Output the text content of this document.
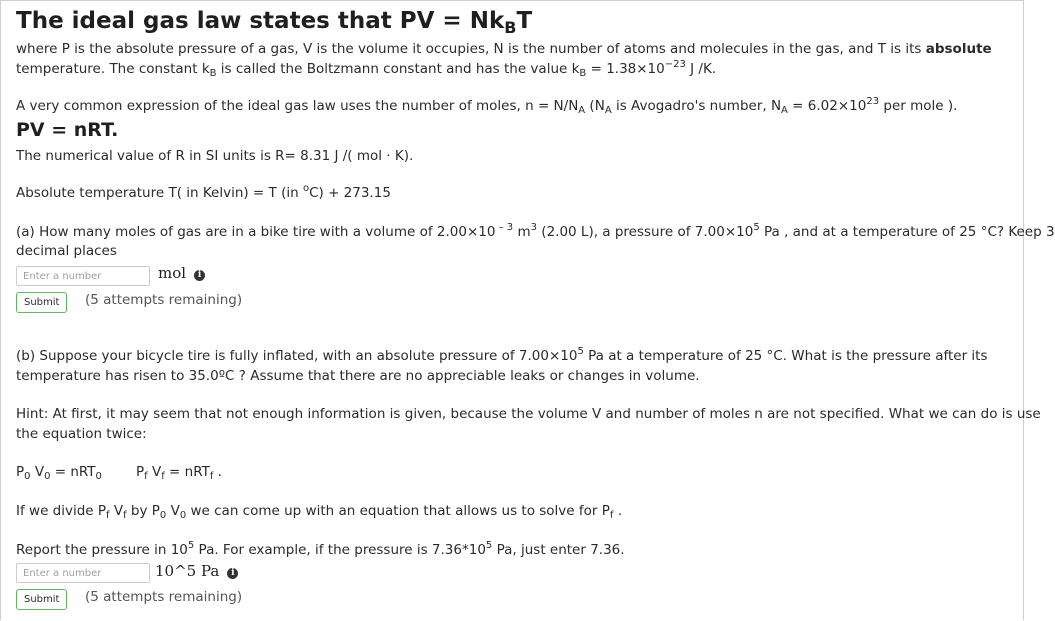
The ideal gas law states that PV = $Nk_BT$
where P is the absolute pressure of a gas, V is the volume it occupies, N is the number of atoms and molecules in the gas, and T is its absolute
temperature. The constant $k_B$ is called the Boltzmann constant and has the value $k_B = 1.38\times 10^{-23}$ J /K.
A very common expression of the ideal gas law uses the number of moles, $n = N/N_A$ ($N_A$ is Avogadro's number, $N_A = 6.02\times 10^{23}$ per mole ).
PV = nRT.
The numerical value of R in SI units is R= 8.31 J /( mol · K).
Absolute temperature T( in Kelvin) = T (in $^o$C) + 273.15
(a) How many moles of gas are in a bike tire with a volume of 2.00×10 $^{- 3}$ $m^3$ (2.00 L), a pressure of $7.00\times 10^5$ Pa , and at a temperature of 25 °C? Keep 3
decimal places
Enter a number
mol i
Submit	(5 attempts remaining)
(b) Suppose your bicycle tire is fully inflated, with an absolute pressure of $7.00\times 10^5$ Pa at a temperature of 25 °C. What is the pressure after its
temperature has risen to 35.0ºC ? Assume that there are no appreciable leaks or changes in volume.
Hint: At first, it may seem that not enough information is given, because the volume V and number of moles n are not specified. What we can do is use
the equation twice:
$P_0$ $V_0 = nRT_0$	$P_f$ $V_f = nRT_f$ .
If we divide $P_f$ $V_f$ by $P_0$ $V_0$ we can come up with an equation that allows us to solve for $P_f$ .
Report the pressure in $10^5$ Pa. For example, if the pressure is $7.36*10^5$ Pa, just enter 7.36.
Enter a number
10^5 Pa i
Submit	(5 attempts remaining)
